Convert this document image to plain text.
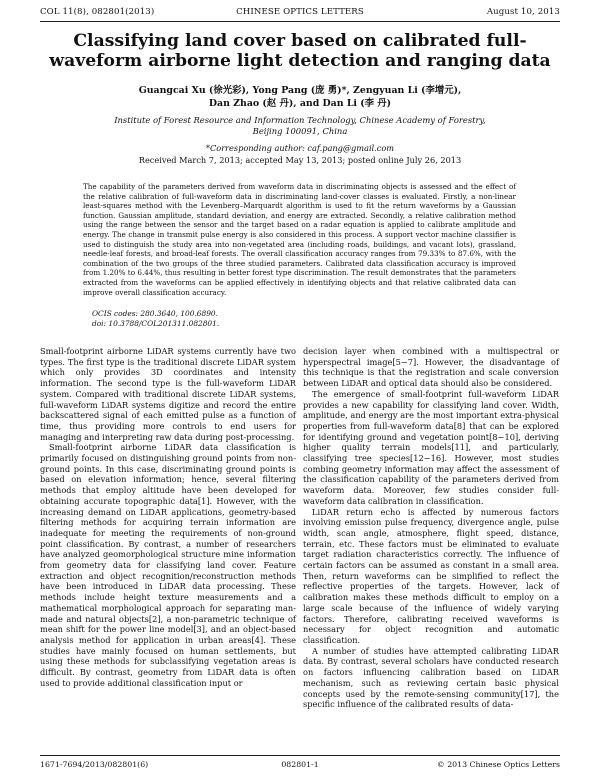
COL 11(8), 082801(2013)	CHINESE OPTICS LETTERS	August 10, 2013
Classifying land cover based on calibrated full-waveform airborne light detection and ranging data
Guangcai Xu (徐光彩), Yong Pang (庞 勇)*, Zengyuan Li (李增元),
Dan Zhao (赵 丹), and Dan Li (李 丹)
Institute of Forest Resource and Information Technology, Chinese Academy of Forestry,
Beijing 100091, China
*Corresponding author: caf.pang@gmail.com
Received March 7, 2013; accepted May 13, 2013; posted online July 26, 2013
The capability of the parameters derived from waveform data in discriminating objects is assessed and the effect of the relative calibration of full-waveform data in discriminating land-cover classes is evaluated. Firstly, a non-linear least-squares method with the Levenberg–Marquardt algorithm is used to fit the return waveforms by a Gaussian function. Gaussian amplitude, standard deviation, and energy are extracted. Secondly, a relative calibration method using the range between the sensor and the target based on a radar equation is applied to calibrate amplitude and energy. The change in transmit pulse energy is also considered in this process. A support vector machine classifier is used to distinguish the study area into non-vegetated area (including roads, buildings, and vacant lots), grassland, needle-leaf forests, and broad-leaf forests. The overall classification accuracy ranges from 79.33% to 87.6%, with the combination of the two groups of the three studied parameters. Calibrated data classification accuracy is improved from 1.20% to 6.44%, thus resulting in better forest type discrimination. The result demonstrates that the parameters extracted from the waveforms can be applied effectively in identifying objects and that relative calibrated data can improve overall classification accuracy.
OCIS codes: 280.3640, 100.6890.
doi: 10.3788/COL201311.082801.

Small-footprint airborne LiDAR systems currently have two types. The first type is the traditional discrete LiDAR system which only provides 3D coordinates and intensity information. The second type is the full-waveform LiDAR system. Compared with traditional discrete LiDAR systems, full-waveform LiDAR systems digitize and record the entire backscattered signal of each emitted pulse as a function of time, thus providing more controls to end users for managing and interpreting raw data during post-processing.

Small-footprint airborne LiDAR data classification is primarily focused on distinguishing ground points from non-ground points. In this case, discriminating ground points is based on elevation information; hence, several filtering methods that employ altitude have been developed for obtaining accurate topographic data[1]. However, with the increasing demand on LiDAR applications, geometry-based filtering methods for acquiring terrain information are inadequate for meeting the requirements of non-ground point classification. By contrast, a number of researchers have analyzed geomorphological structure mine information from geometry data for classifying land cover. Feature extraction and object recognition/reconstruction methods have been introduced in LiDAR data processing. These methods include height texture measurements and a mathematical morphological approach for separating man-made and natural objects[2], a non-parametric technique of mean shift for the power line model[3], and an object-based analysis method for application in urban areas[4]. These studies have mainly focused on human settlements, but using these methods for subclassifying vegetation areas is difficult. By contrast, geometry from LiDAR data is often used to provide additional classification input or

decision layer when combined with a multispectral or hyperspectral image[5−7]. However, the disadvantage of this technique is that the registration and scale conversion between LiDAR and optical data should also be considered.

The emergence of small-footprint full-waveform LiDAR provides a new capability for classifying land cover. Width, amplitude, and energy are the most important extra-physical properties from full-waveform data[8] that can be explored for identifying ground and vegetation point[8−10], deriving higher quality terrain models[11], and particularly, classifying tree species[12−16]. However, most studies combing geometry information may affect the assessment of the classification capability of the parameters derived from waveform data. Moreover, few studies consider full-waveform data calibration in classification.

LiDAR return echo is affected by numerous factors involving emission pulse frequency, divergence angle, pulse width, scan angle, atmosphere, flight speed, distance, terrain, etc. These factors must be eliminated to evaluate target radiation characteristics correctly. The influence of certain factors can be assumed as constant in a small area. Then, return waveforms can be simplified to reflect the reflective properties of the targets. However, lack of calibration makes these methods difficult to employ on a large scale because of the influence of widely varying factors. Therefore, calibrating received waveforms is necessary for object recognition and automatic classification.

A number of studies have attempted calibrating LiDAR data. By contrast, several scholars have conducted research on factors influencing calibration based on LiDAR mechanism, such as reviewing certain basic physical concepts used by the remote-sensing community[17], the specific influence of the calibrated results of data-

1671-7694/2013/082801(6)	082801-1	© 2013 Chinese Optics Letters
